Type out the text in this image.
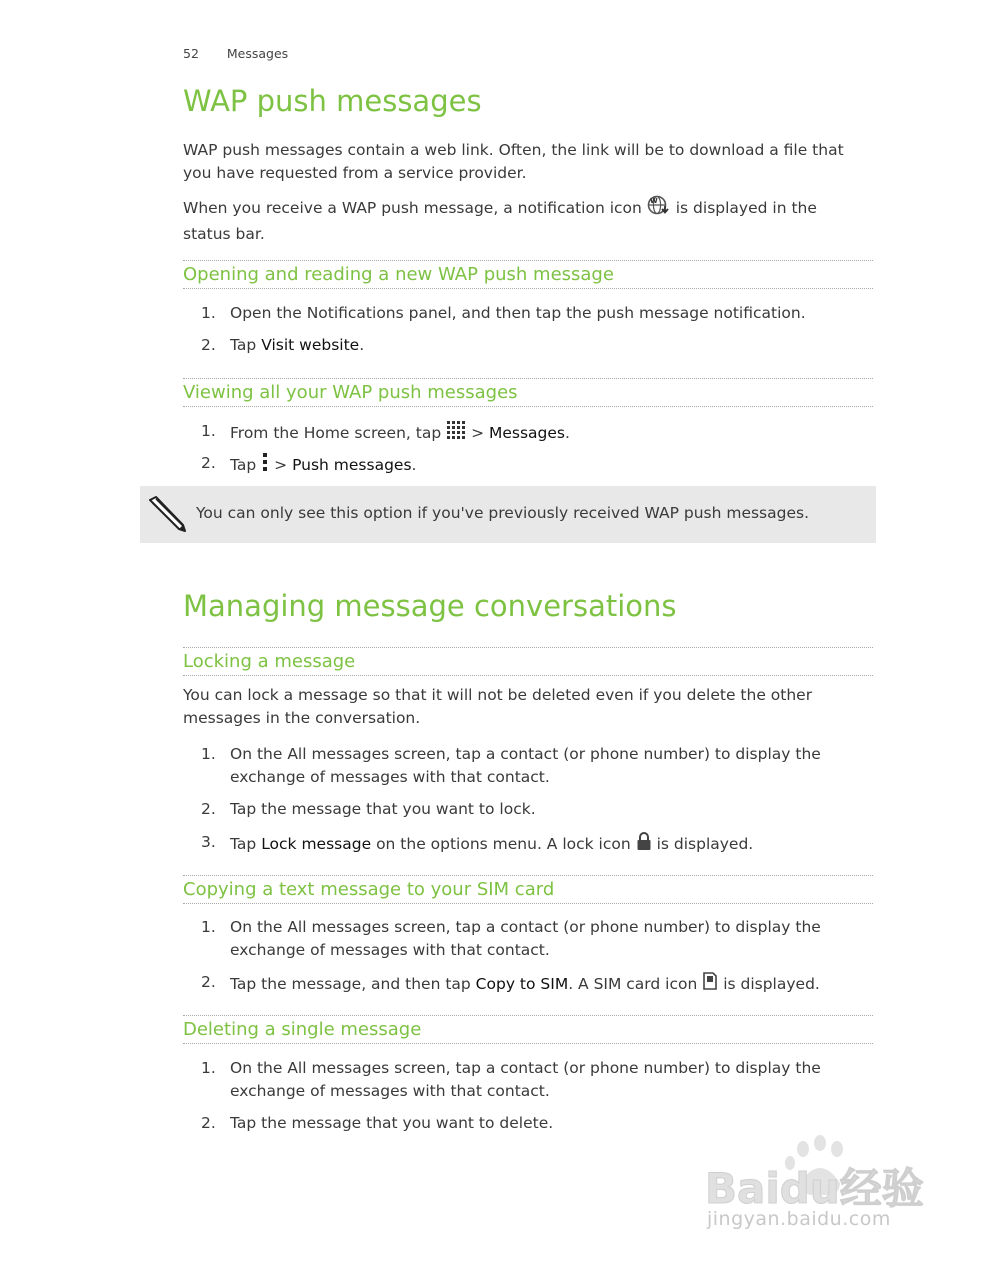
52 Messages
WAP push messages

WAP push messages contain a web link. Often, the link will be to download a file that you have requested from a service provider.

When you receive a WAP push message, a notification icon W is displayed in the
status bar.

Opening and reading a new WAP push message
1. Open the Notifications panel, and then tap the push message notification.
2. Tap Visit website.
Viewing all your WAP push messages
1. From the Home screen, tap > Messages.
2. Tap > Push messages.
You can only see this option if you've previously received WAP push messages.
Managing message conversations
Locking a message

You can lock a message so that it will not be deleted even if you delete the other messages in the conversation.

1. On the All messages screen, tap a contact (or phone number) to display the exchange of messages with that contact.
2. Tap the message that you want to lock.
3. Tap Lock message on the options menu. A lock icon is displayed.
Copying a text message to your SIM card
1. On the All messages screen, tap a contact (or phone number) to display the exchange of messages with that contact.
2. Tap the message, and then tap Copy to SIM. A SIM card icon is displayed.
Deleting a single message
1. On the All messages screen, tap a contact (or phone number) to display the exchange of messages with that contact.
2. Tap the message that you want to delete.
Baidu经验
jingyan.baidu.com
